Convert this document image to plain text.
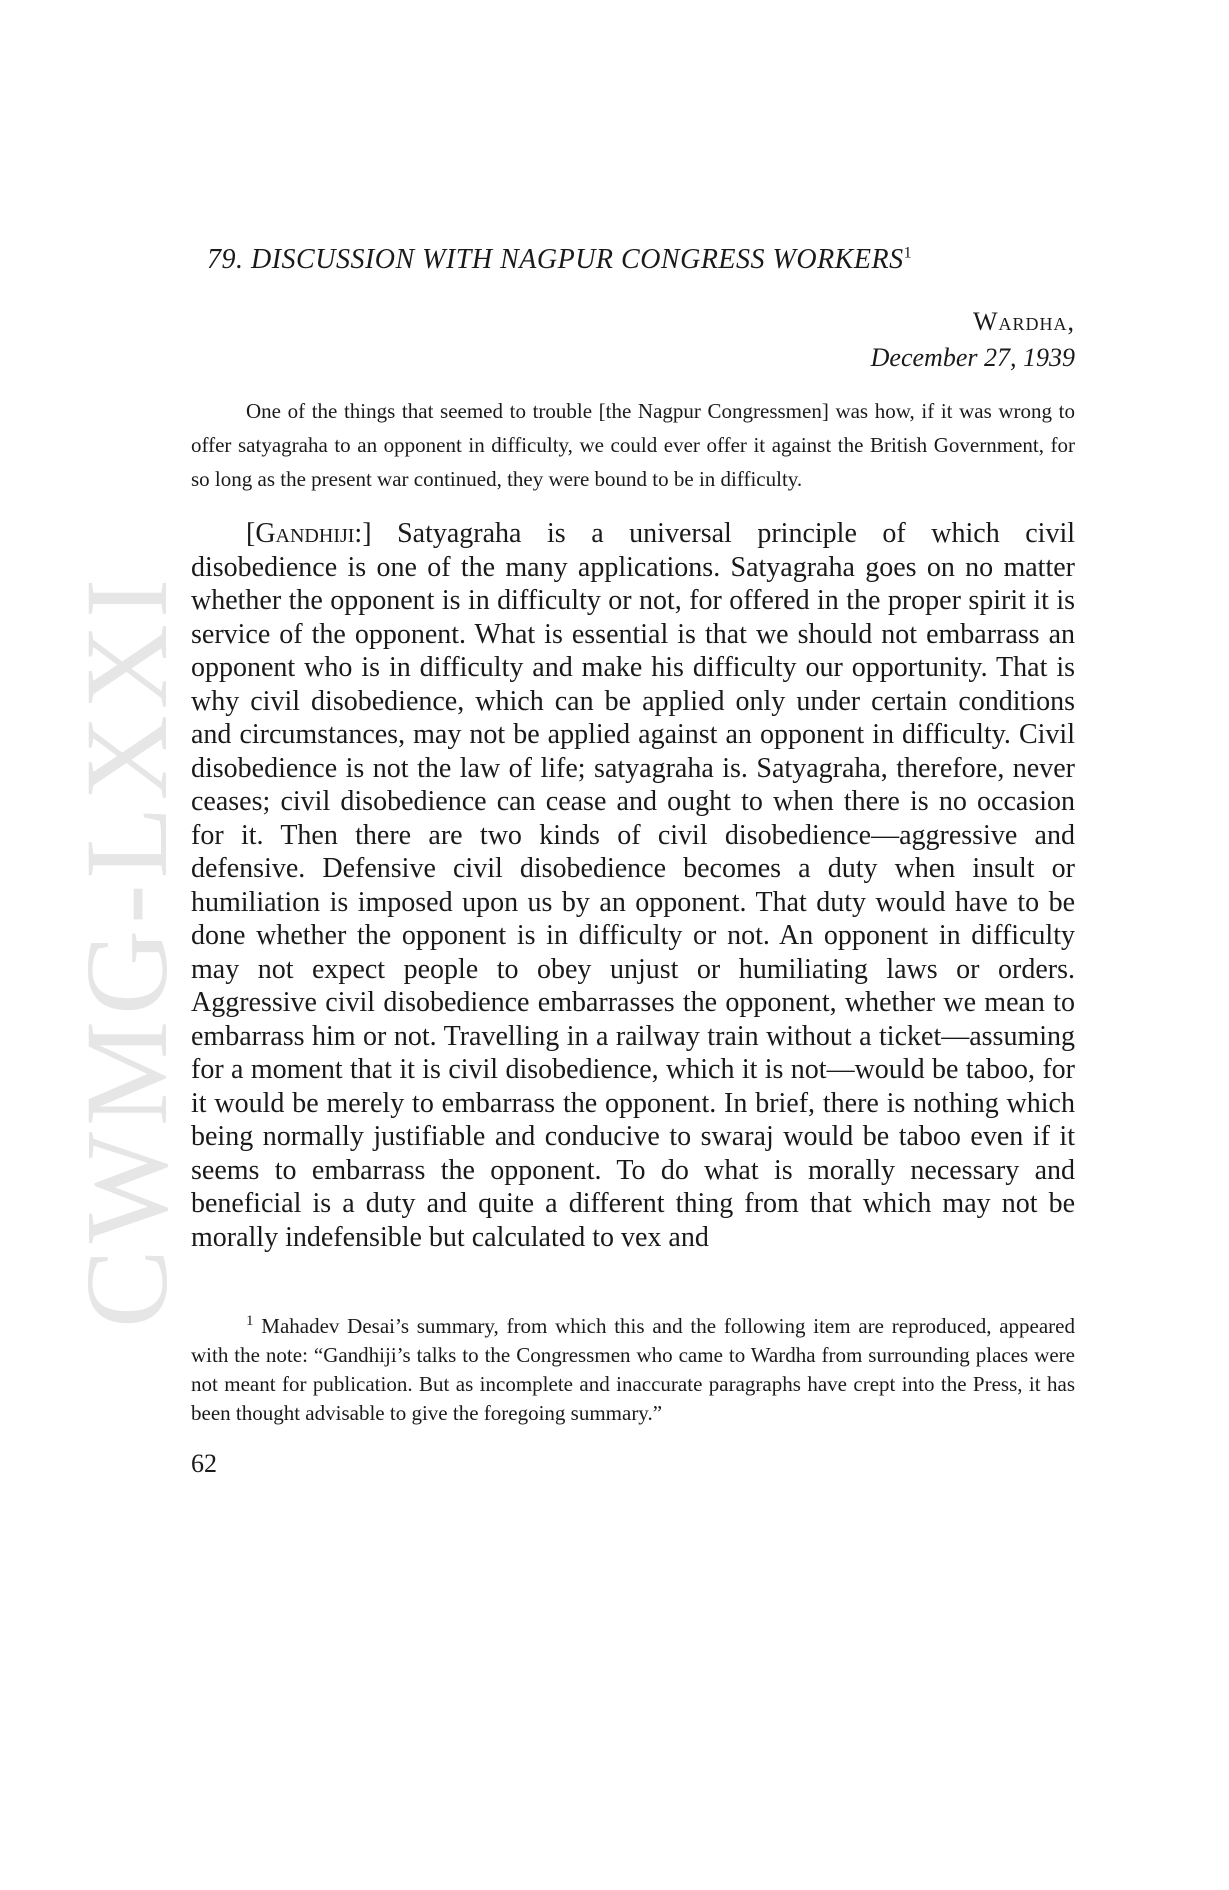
CWMG-LXXI
79. DISCUSSION WITH NAGPUR CONGRESS WORKERS$^1$
Wardha,
December 27, 1939

One of the things that seemed to trouble [the Nagpur Congressmen] was how, if it was wrong to offer satyagraha to an opponent in difficulty, we could ever offer it against the British Government, for so long as the present war continued, they were bound to be in difficulty.

[Gandhiji:] Satyagraha is a universal principle of which civil disobedience is one of the many applications. Satyagraha goes on no matter whether the opponent is in difficulty or not, for offered in the proper spirit it is service of the opponent. What is essential is that we should not embarrass an opponent who is in difficulty and make his difficulty our opportunity. That is why civil disobedience, which can be applied only under certain conditions and circumstances, may not be applied against an opponent in difficulty. Civil disobedience is not the law of life; satyagraha is. Satyagraha, therefore, never ceases; civil disobedience can cease and ought to when there is no occasion for it. Then there are two kinds of civil disobedience—aggressive and defensive. Defensive civil disobedience becomes a duty when insult or humiliation is imposed upon us by an opponent. That duty would have to be done whether the opponent is in difficulty or not. An opponent in difficulty may not expect people to obey unjust or humiliating laws or orders. Aggressive civil disobedience embarrasses the opponent, whether we mean to embarrass him or not. Travelling in a railway train without a ticket—assuming for a moment that it is civil disobedience, which it is not—would be taboo, for it would be merely to embarrass the opponent. In brief, there is nothing which being normally justifiable and conducive to swaraj would be taboo even if it seems to embarrass the opponent. To do what is morally necessary and beneficial is a duty and quite a different thing from that which may not be morally indefensible but calculated to vex and

$^1$ Mahadev Desai’s summary, from which this and the following item are reproduced, appeared with the note: “Gandhiji’s talks to the Congressmen who came to Wardha from surrounding places were not meant for publication. But as incomplete and inaccurate paragraphs have crept into the Press, it has been thought advisable to give the foregoing summary.”

62
